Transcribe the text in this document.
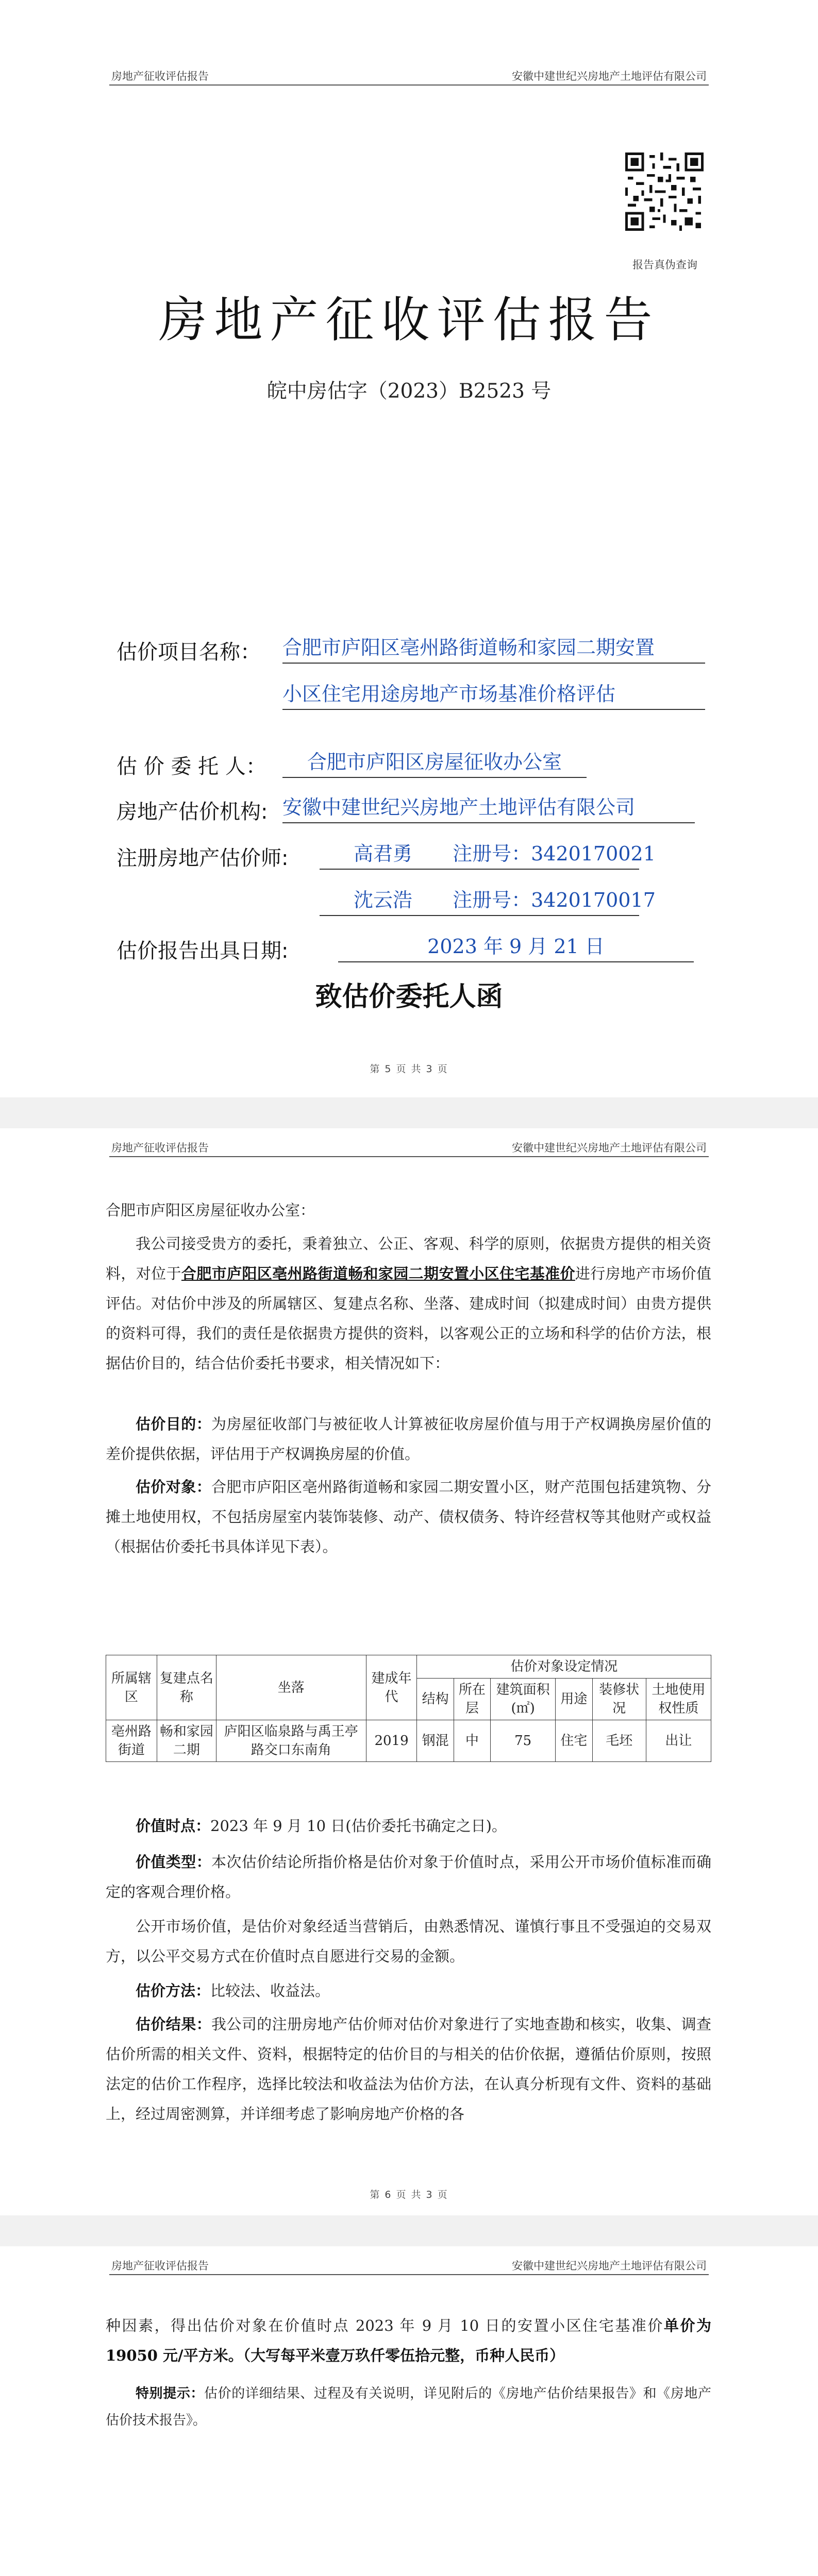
房地产征收评估报告	安徽中建世纪兴房地产土地评估有限公司
报告真伪查询
房地产征收评估报告
皖中房估字（2023）B2523 号
估价项目名称： 合肥市庐阳区亳州路街道畅和家园二期安置
小区住宅用途房地产市场基准价格评估
估 价 委 托 人：	合肥市庐阳区房屋征收办公室
房地产估价机构: 安徽中建世纪兴房地产土地评估有限公司
注册房地产估价师:	高君勇 注册号：3420170021
沈云浩 注册号：3420170017
估价报告出具日期:	2023 年 9 月 21 日
致估价委托人函
第 5 页 共 3 页
房地产征收评估报告	安徽中建世纪兴房地产土地评估有限公司
合肥市庐阳区房屋征收办公室：
我公司接受贵方的委托，秉着独立、公正、客观、科学的原则，依据贵方提供的相关资料，对位于合肥市庐阳区亳州路街道畅和家园二期安置小区住宅基准价进行房地产市场价值评估。对估价中涉及的所属辖区、复建点名称、坐落、建成时间（拟建成时间）由贵方提供的资料可得，我们的责任是依据贵方提供的资料，以客观公正的立场和科学的估价方法，根据估价目的，结合估价委托书要求，相关情况如下：
估价目的：为房屋征收部门与被征收人计算被征收房屋价值与用于产权调换房屋价值的差价提供依据，评估用于产权调换房屋的价值。
估价对象：合肥市庐阳区亳州路街道畅和家园二期安置小区，财产范围包括建筑物、分摊土地使用权，不包括房屋室内装饰装修、动产、债权债务、特许经营权等其他财产或权益（根据估价委托书具体详见下表）。
所属辖区	复建点名称	坐落	建成年代	估价对象设定情况					
				结构	所在层	建筑面积(㎡)	用途	装修状况	土地使用权性质
亳州路街道	畅和家园二期	庐阳区临泉路与禹王亭路交口东南角	2019	钢混	中	75	住宅	毛坯	出让
价值时点：2023 年 9 月 10 日(估价委托书确定之日)。
价值类型：本次估价结论所指价格是估价对象于价值时点，采用公开市场价值标准而确定的客观合理价格。
公开市场价值，是估价对象经适当营销后，由熟悉情况、谨慎行事且不受强迫的交易双方，以公平交易方式在价值时点自愿进行交易的金额。
估价方法：比较法、收益法。
估价结果：我公司的注册房地产估价师对估价对象进行了实地查勘和核实，收集、调查估价所需的相关文件、资料，根据特定的估价目的与相关的估价依据，遵循估价原则，按照法定的估价工作程序，选择比较法和收益法为估价方法，在认真分析现有文件、资料的基础上，经过周密测算，并详细考虑了影响房地产价格的各
第 6 页 共 3 页
房地产征收评估报告	安徽中建世纪兴房地产土地评估有限公司
种因素，得出估价对象在价值时点 2023 年 9 月 10 日的安置小区住宅基准价单价为 19050 元/平方米。（大写每平米壹万玖仟零伍拾元整，币种人民币）
特别提示：估价的详细结果、过程及有关说明，详见附后的《房地产估价结果报告》和《房地产估价技术报告》。
